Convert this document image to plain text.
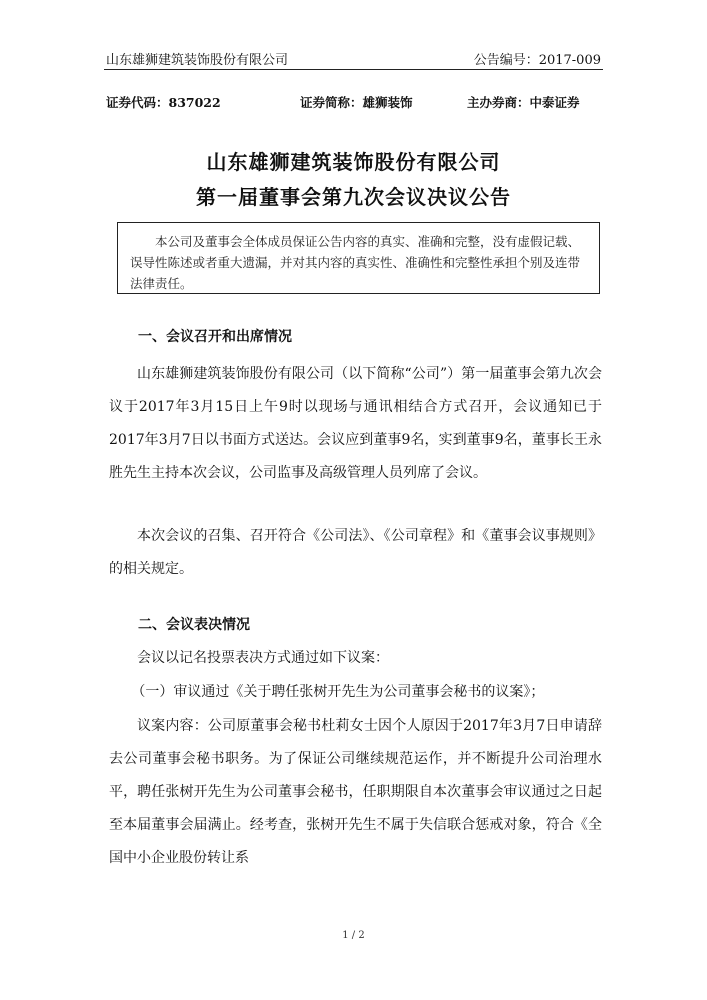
山东雄狮建筑装饰股份有限公司	公告编号：2017-009
证券代码：837022	证券简称：雄狮装饰	主办券商：中泰证券
山东雄狮建筑装饰股份有限公司
第一届董事会第九次会议决议公告

本公司及董事会全体成员保证公告内容的真实、准确和完整，没有虚假记载、误导性陈述或者重大遗漏，并对其内容的真实性、准确性和完整性承担个别及连带法律责任。

一、会议召开和出席情况

山东雄狮建筑装饰股份有限公司（以下简称“公司”）第一届董事会第九次会议于2017年3月15日上午9时以现场与通讯相结合方式召开，会议通知已于2017年3月7日以书面方式送达。会议应到董事9名，实到董事9名，董事长王永胜先生主持本次会议，公司监事及高级管理人员列席了会议。

本次会议的召集、召开符合《公司法》、《公司章程》和《董事会议事规则》的相关规定。

二、会议表决情况

会议以记名投票表决方式通过如下议案：

（一）审议通过《关于聘任张树开先生为公司董事会秘书的议案》；

议案内容：公司原董事会秘书杜莉女士因个人原因于2017年3月7日申请辞去公司董事会秘书职务。为了保证公司继续规范运作，并不断提升公司治理水平，聘任张树开先生为公司董事会秘书，任职期限自本次董事会审议通过之日起至本届董事会届满止。经考查，张树开先生不属于失信联合惩戒对象，符合《全国中小企业股份转让系

1 / 2
